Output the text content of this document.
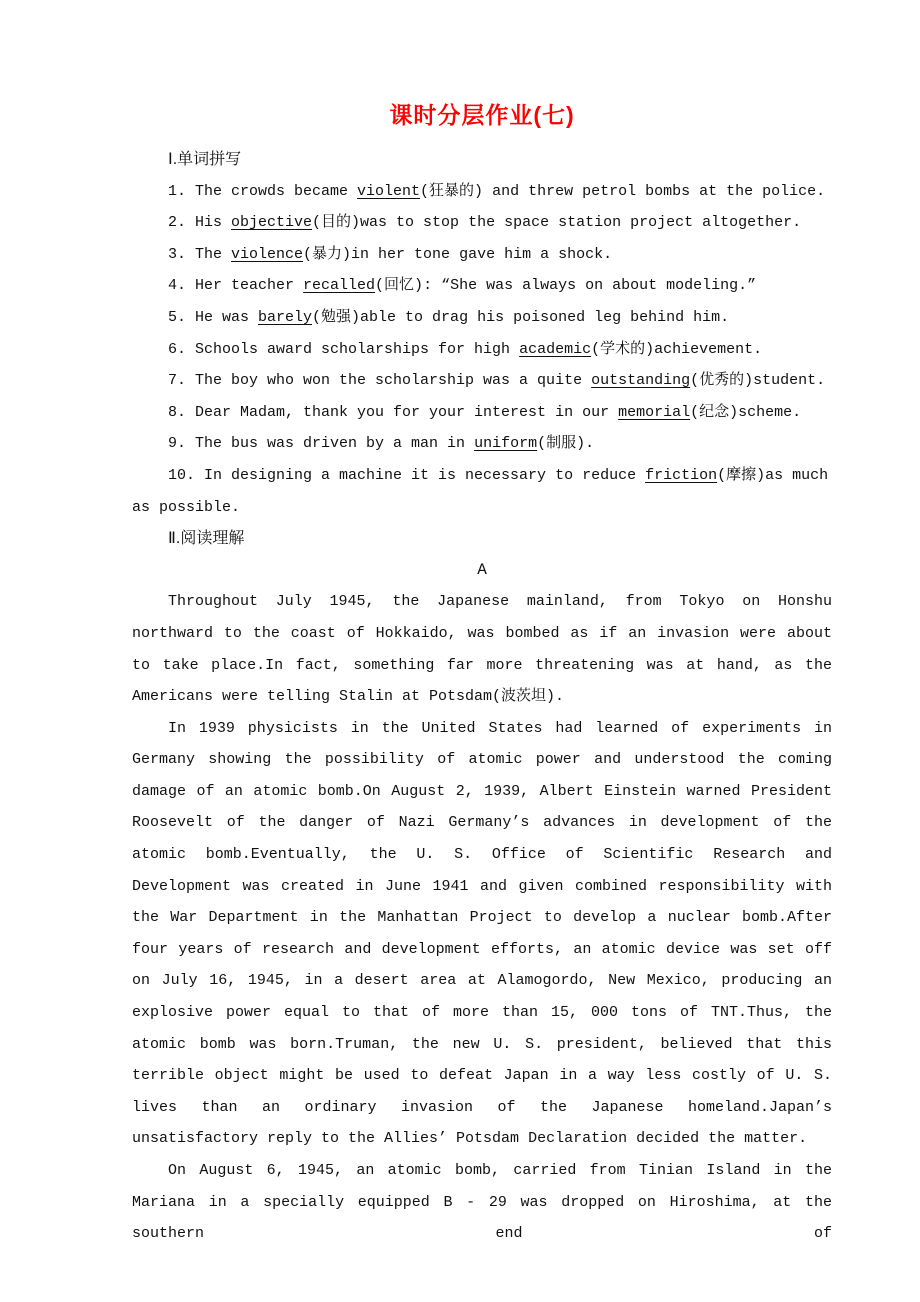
课时分层作业(七)

Ⅰ.单词拼写

1. The crowds became violent(狂暴的) and threw petrol bombs at the police.

2. His objective(目的)was to stop the space station project altogether.

3. The violence(暴力)in her tone gave him a shock.

4. Her teacher recalled(回忆): “She was always on about modeling.”

5. He was barely(勉强)able to drag his poisoned leg behind him.

6. Schools award scholarships for high academic(学术的)achievement.

7. The boy who won the scholarship was a quite outstanding(优秀的)student.

8. Dear Madam, thank you for your interest in our memorial(纪念)scheme.

9. The bus was driven by a man in uniform(制服).

10. In designing a machine it is necessary to reduce friction(摩擦)as much as possible.

Ⅱ.阅读理解

A

Throughout July 1945, the Japanese mainland, from Tokyo on Honshu northward to the coast of Hokkaido, was bombed as if an invasion were about to take place.In fact, something far more threatening was at hand, as the Americans were telling Stalin at Potsdam(波茨坦).

In 1939 physicists in the United States had learned of experiments in Germany showing the possibility of atomic power and understood the coming damage of an atomic bomb.On August 2, 1939, Albert Einstein warned President Roosevelt of the danger of Nazi Germany’s advances in development of the atomic bomb.Eventually, the U. S. Office of Scientific Research and Development was created in June 1941 and given combined responsibility with the War Department in the Manhattan Project to develop a nuclear bomb.After four years of research and development efforts, an atomic device was set off on July 16, 1945, in a desert area at Alamogordo, New Mexico, producing an explosive power equal to that of more than 15, 000 tons of TNT.Thus, the atomic bomb was born.Truman, the new U. S. president, believed that this terrible object might be used to defeat Japan in a way less costly of U. S. lives than an ordinary invasion of the Japanese homeland.Japan’s unsatisfactory reply to the Allies’ Potsdam Declaration decided the matter.

On August 6, 1945, an atomic bomb, carried from Tinian Island in the Mariana in a specially equipped B - 29 was dropped on Hiroshima, at the southern end of
